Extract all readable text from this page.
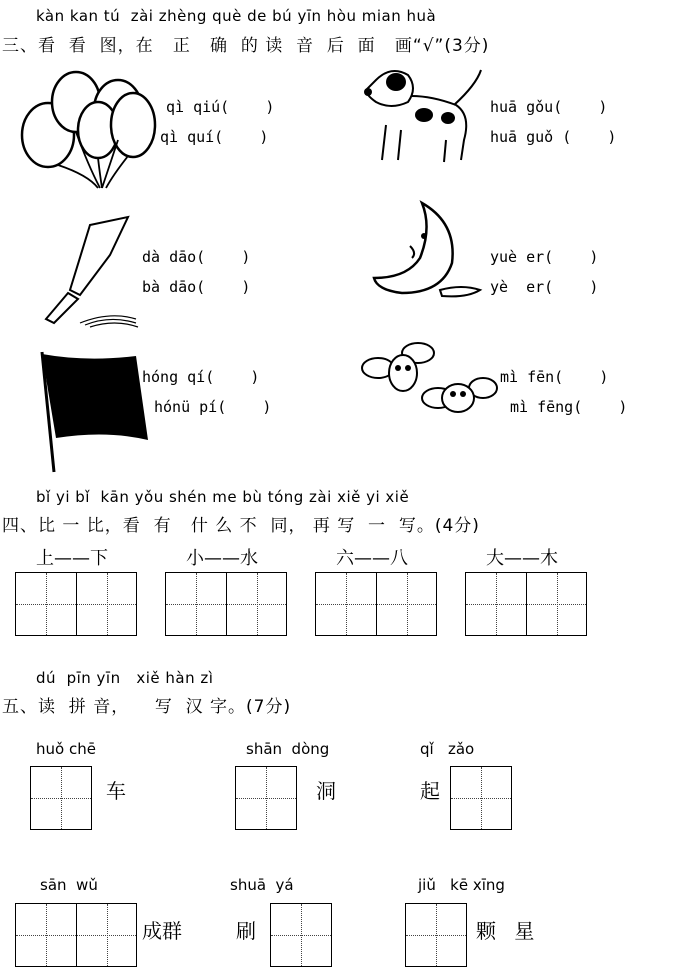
kàn kan tú  zài zhèng què de bú yīn hòu mian huà
三、看  看  图，在   正   确  的 读  音  后  面   画“√”(3分)
qì qiú(    )
qì quí(    )
huā gǒu(    )
huā guǒ (    )
dà dāo(    )
bà dāo(    )
yuè er(    )
yè  er(    )
hóng qí(    )
hónü pí(    )
mì fēn(    )
mì fēng(    )
bǐ yi bǐ  kān yǒu shén me bù tóng zài xiě yi xiě
四、比 一 比，看  有   什 么 不  同， 再 写  一  写。(4分)
上——下	小——水	六——八	大——木
dú  pīn yīn   xiě hàn zì
五、读  拼 音，    写  汉 字。(7分)
huǒ chē
车
shān  dòng
洞
qǐ   zǎo
起
sān  wǔ
成群
shuā  yá
刷
jiǔ   kē xīng
颗 星
